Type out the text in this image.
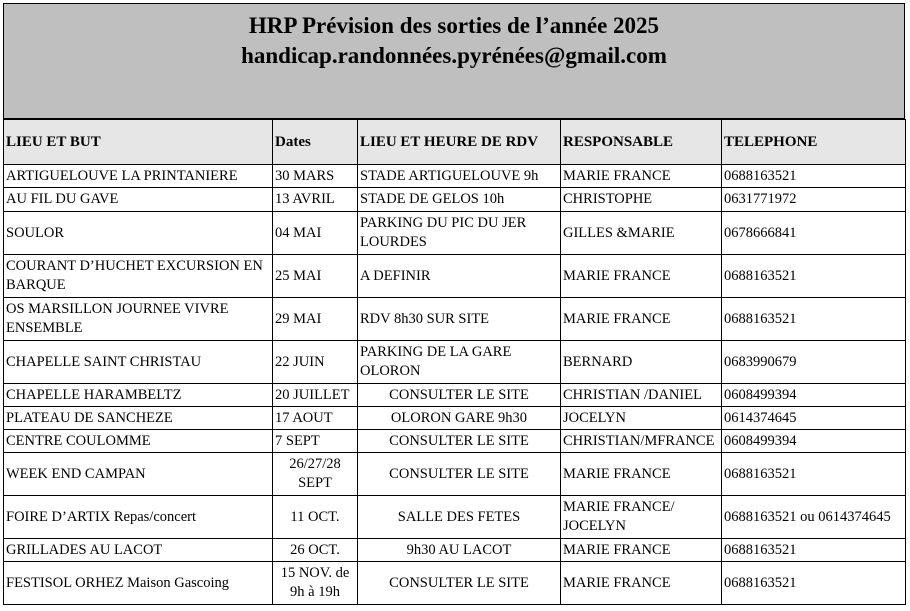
HRP Prévision des sorties de l’année 2025
handicap.randonnées.pyrénées@gmail.com
LIEU ET BUT	Dates	LIEU ET HEURE DE RDV	RESPONSABLE	TELEPHONE
ARTIGUELOUVE LA PRINTANIERE	30 MARS	STADE ARTIGUELOUVE 9h	MARIE FRANCE	0688163521
AU FIL DU GAVE	13 AVRIL	STADE DE GELOS 10h	CHRISTOPHE	0631771972
SOULOR	04 MAI	PARKING DU PIC DU JER LOURDES	GILLES &MARIE	0678666841
COURANT D’HUCHET EXCURSION EN BARQUE	25 MAI	A DEFINIR	MARIE FRANCE	0688163521
OS MARSILLON JOURNEE VIVRE ENSEMBLE	29 MAI	RDV 8h30 SUR SITE	MARIE FRANCE	0688163521
CHAPELLE SAINT CHRISTAU	22 JUIN	PARKING DE LA GARE OLORON	BERNARD	0683990679
CHAPELLE HARAMBELTZ	20 JUILLET	CONSULTER LE SITE	CHRISTIAN /DANIEL	0608499394
PLATEAU DE SANCHEZE	17 AOUT	OLORON GARE 9h30	JOCELYN	0614374645
CENTRE COULOMME	7 SEPT	CONSULTER LE SITE	CHRISTIAN/MFRANCE	0608499394
WEEK END CAMPAN	26/27/28 SEPT	CONSULTER LE SITE	MARIE FRANCE	0688163521
FOIRE D’ARTIX Repas/concert	11 OCT.	SALLE DES FETES	MARIE FRANCE/ JOCELYN	0688163521 ou 0614374645
GRILLADES AU LACOT	26 OCT.	9h30 AU LACOT	MARIE FRANCE	0688163521
FESTISOL ORHEZ Maison Gascoing	15 NOV. de 9h à 19h	CONSULTER LE SITE	MARIE FRANCE	0688163521
